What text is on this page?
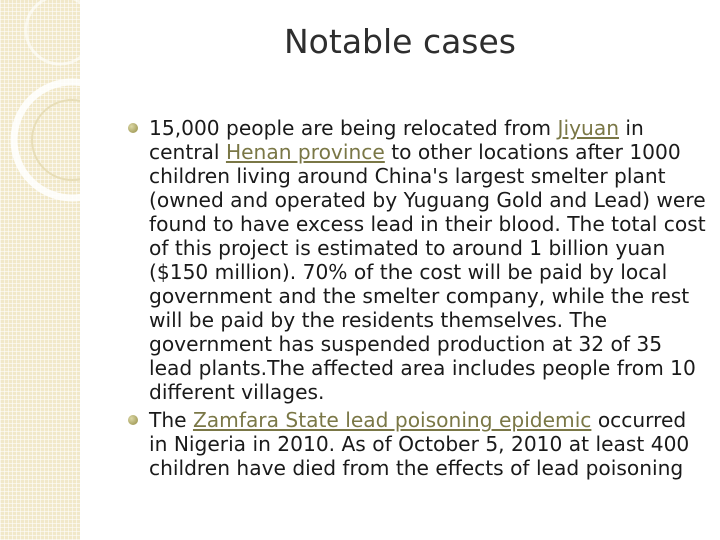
Notable cases
15,000 people are being relocated from Jiyuan in central Henan province to other locations after 1000 children living around China's largest smelter plant (owned and operated by Yuguang Gold and Lead) were found to have excess lead in their blood. The total cost of this project is estimated to around 1 billion yuan ($150 million). 70% of the cost will be paid by local government and the smelter company, while the rest will be paid by the residents themselves. The government has suspended production at 32 of 35 lead plants.The affected area includes people from 10 different villages.
The Zamfara State lead poisoning epidemic occurred in Nigeria in 2010. As of October 5, 2010 at least 400 children have died from the effects of lead poisoning
